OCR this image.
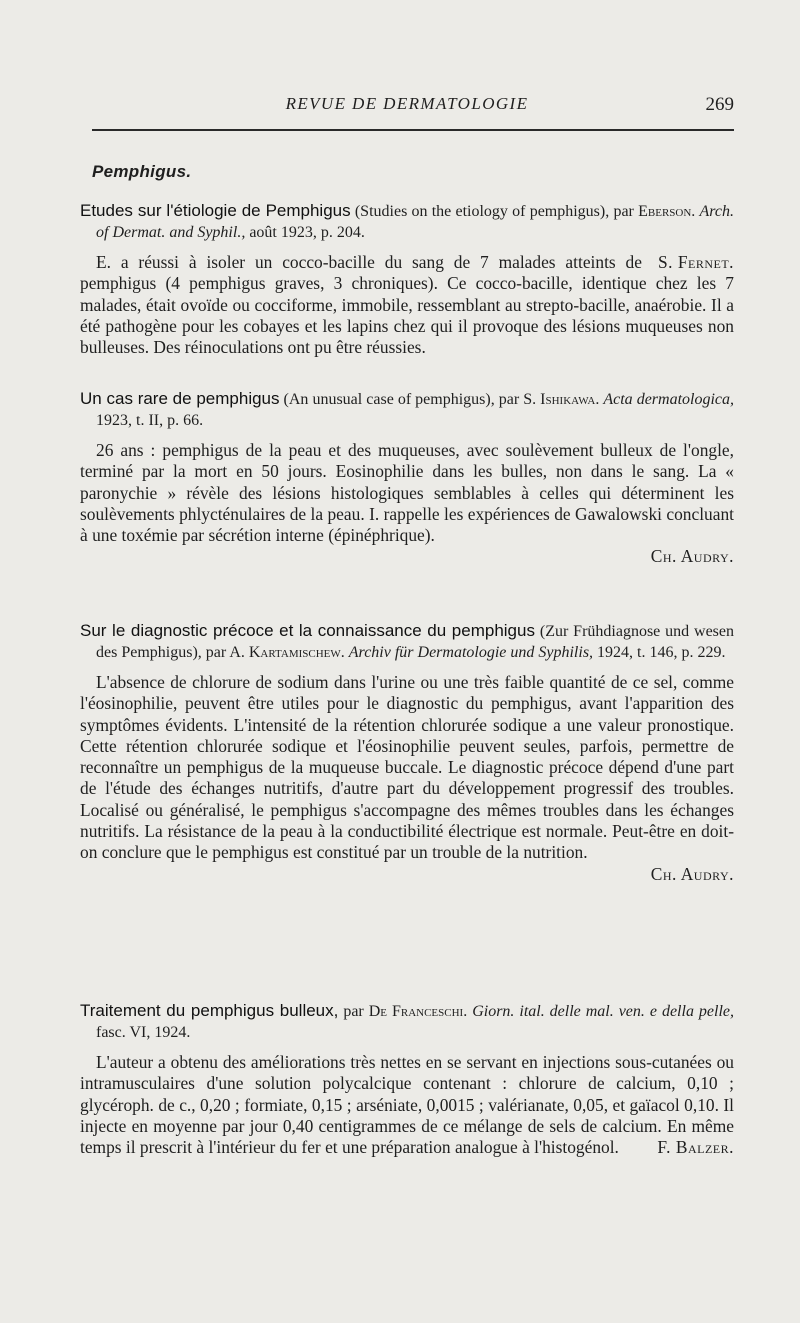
REVUE DE DERMATOLOGIE	269
Pemphigus.

Etudes sur l'étiologie de Pemphigus (Studies on the etiology of pemphigus), par Eberson. Arch. of Dermat. and Syphil., août 1923, p. 204.

S. Fernet.
E. a réussi à isoler un cocco-bacille du sang de 7 malades atteints de pemphigus (4 pemphigus graves, 3 chroniques). Ce cocco-bacille, identique chez les 7 malades, était ovoïde ou cocciforme, immobile, ressemblant au strepto-bacille, anaérobie. Il a été pathogène pour les cobayes et les lapins chez qui il provoque des lésions muqueuses non bulleuses. Des réinoculations ont pu être réussies.

Un cas rare de pemphigus (An unusual case of pemphigus), par S. Ishikawa. Acta dermatologica, 1923, t. II, p. 66.

26 ans : pemphigus de la peau et des muqueuses, avec soulèvement bulleux de l'ongle, terminé par la mort en 50 jours. Eosinophilie dans les bulles, non dans le sang. La « paronychie » révèle des lésions histologiques semblables à celles qui déterminent les soulèvements phlycténulaires de la peau. I. rappelle les expériences de Gawalowski concluant à une toxémie par sécrétion interne (épinéphrique).

Ch. Audry.

Sur le diagnostic précoce et la connaissance du pemphigus (Zur Frühdiagnose und wesen des Pemphigus), par A. Kartamischew. Archiv für Dermatologie und Syphilis, 1924, t. 146, p. 229.

L'absence de chlorure de sodium dans l'urine ou une très faible quantité de ce sel, comme l'éosinophilie, peuvent être utiles pour le diagnostic du pemphigus, avant l'apparition des symptômes évidents. L'intensité de la rétention chlorurée sodique a une valeur pronostique. Cette rétention chlorurée sodique et l'éosinophilie peuvent seules, parfois, permettre de reconnaître un pemphigus de la muqueuse buccale. Le diagnostic précoce dépend d'une part de l'étude des échanges nutritifs, d'autre part du développement progressif des troubles. Localisé ou généralisé, le pemphigus s'accompagne des mêmes troubles dans les échanges nutritifs. La résistance de la peau à la conductibilité électrique est normale. Peut-être en doit-on conclure que le pemphigus est constitué par un trouble de la nutrition.

Ch. Audry.

Traitement du pemphigus bulleux, par De Franceschi. Giorn. ital. delle mal. ven. e della pelle, fasc. VI, 1924.

L'auteur a obtenu des améliorations très nettes en se servant en injections sous-cutanées ou intramusculaires d'une solution polycalcique contenant : chlorure de calcium, 0,10 ; glycéroph. de c., 0,20 ; formiate, 0,15 ; arséniate, 0,0015 ; valérianate, 0,05, et gaïacol 0,10. Il injecte en moyenne par jour 0,40 centigrammes de ce mélange de sels de calcium. En même temps il prescrit à l'intérieur du fer et une préparation analogue à l'histogénol.	F. Balzer.
